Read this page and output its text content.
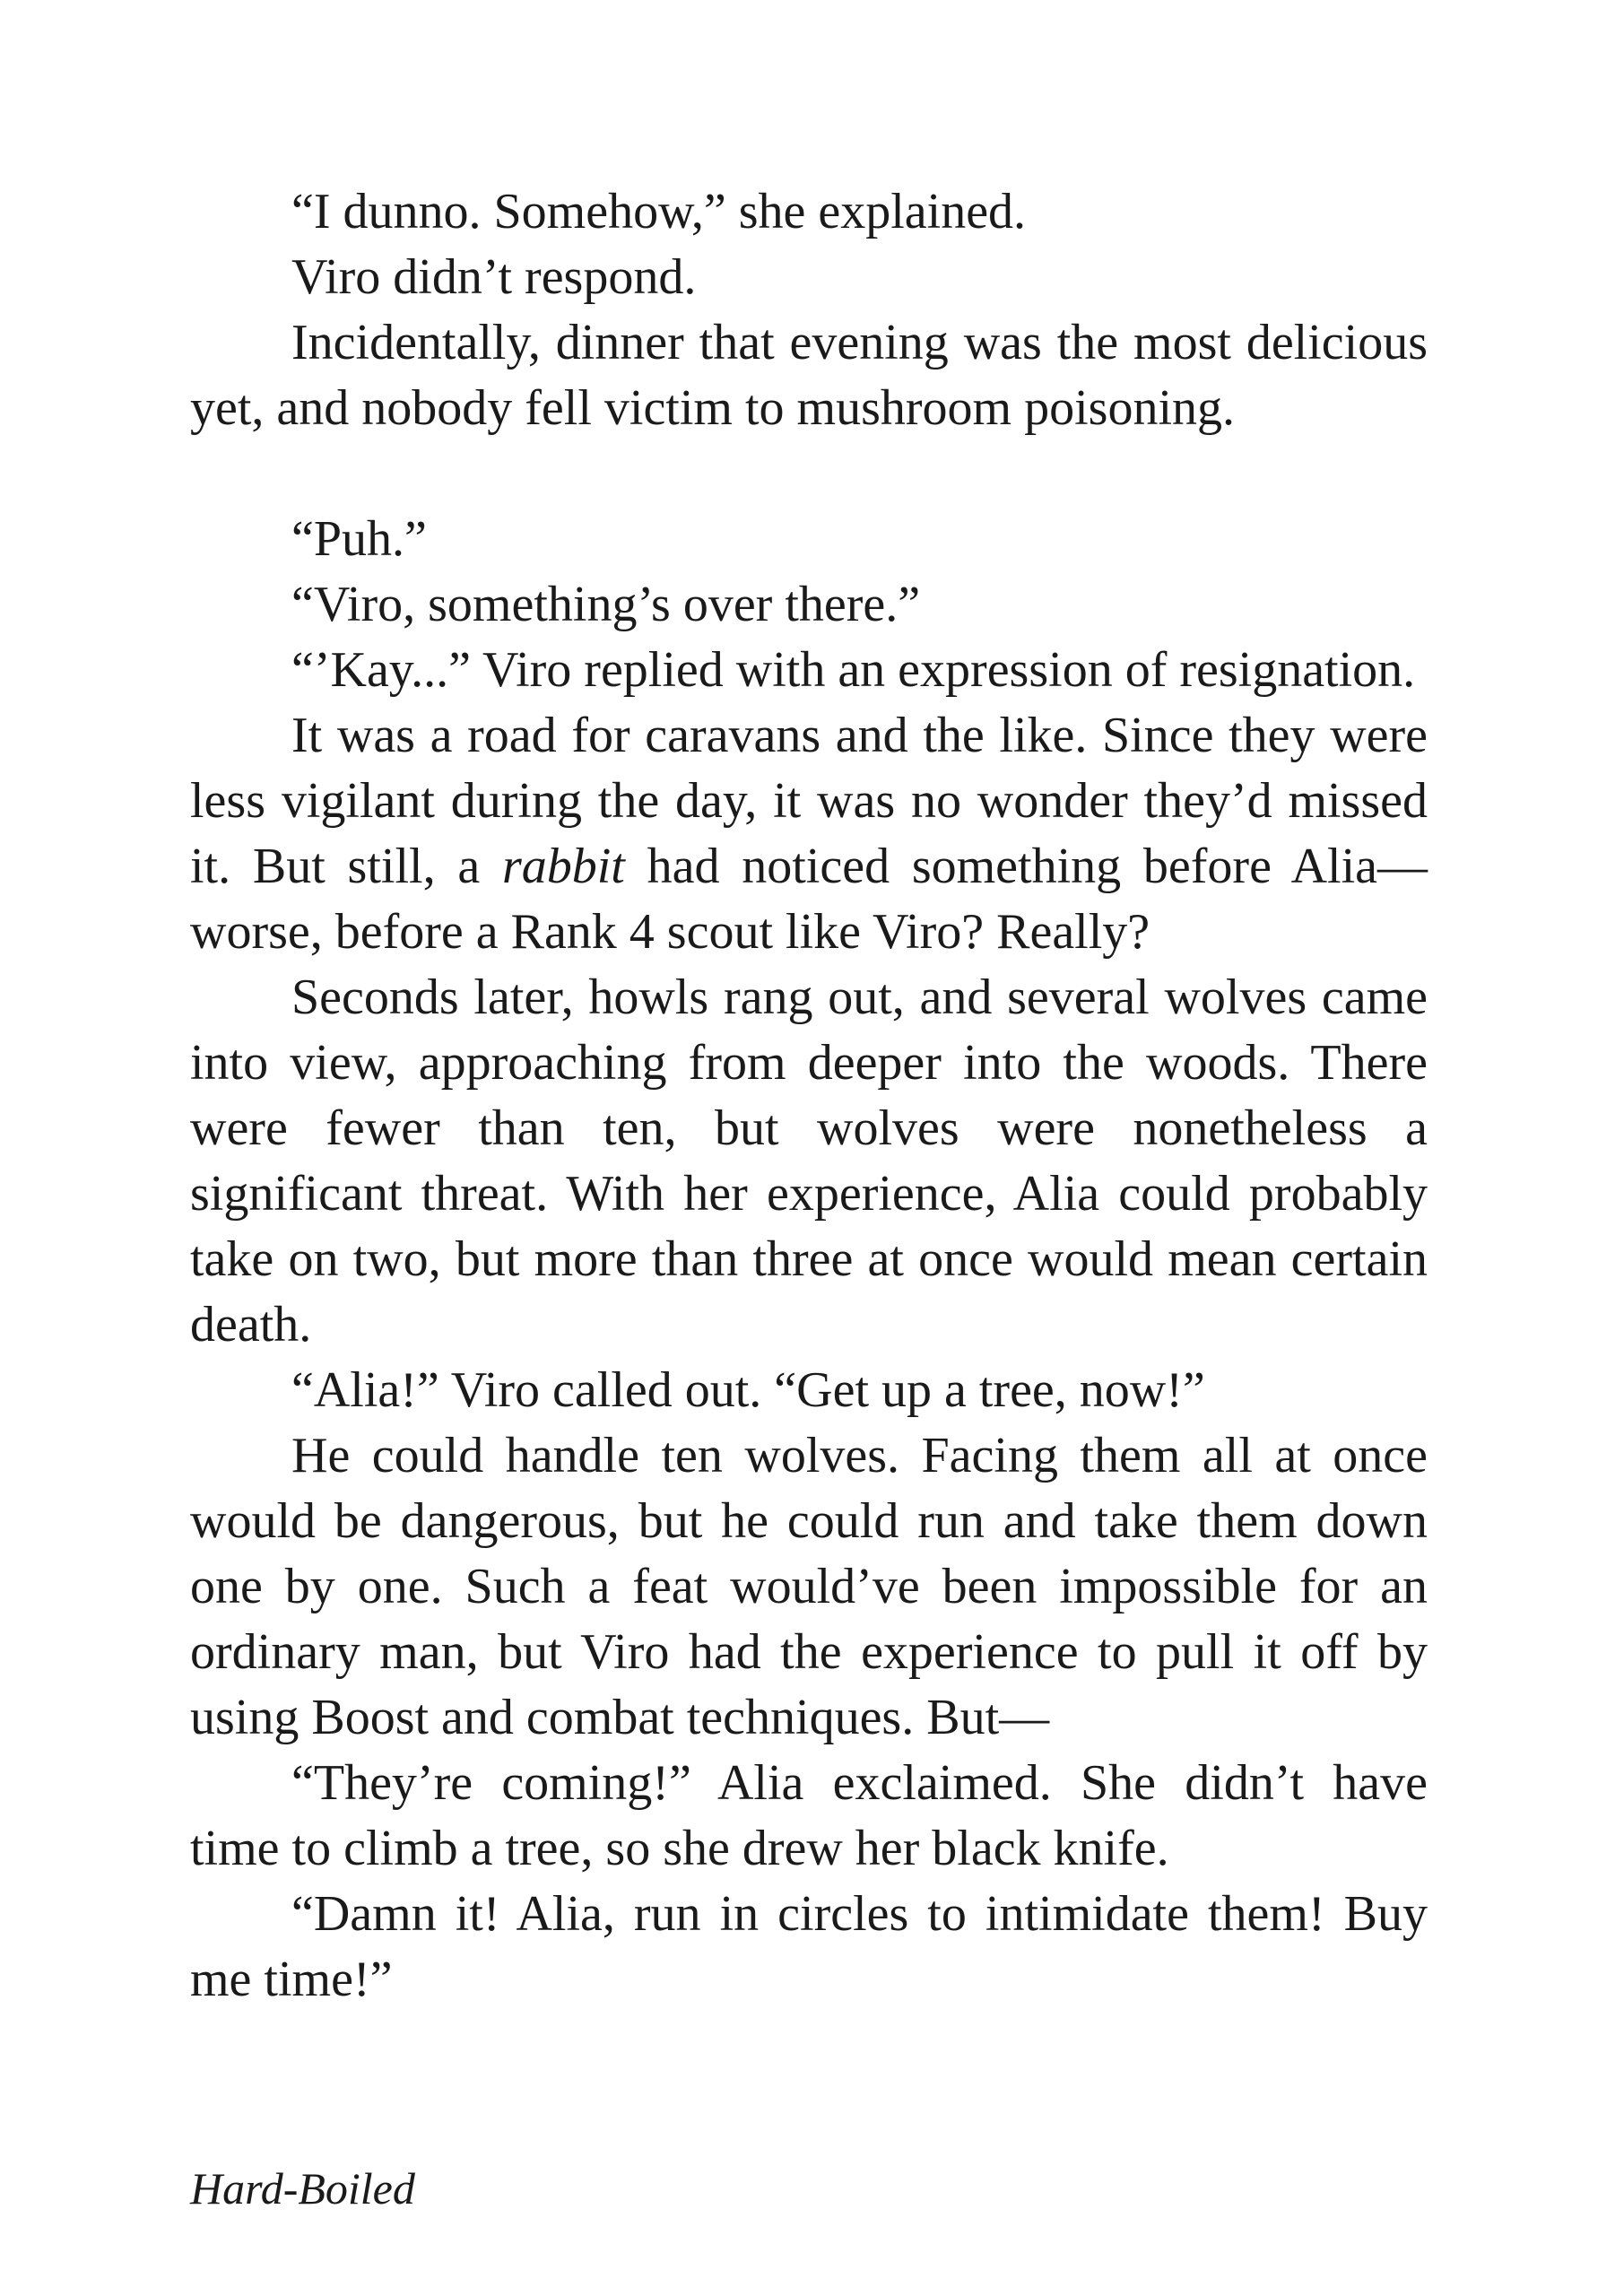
“I dunno. Somehow,” she explained.

Viro didn’t respond.

Incidentally, dinner that evening was the most delicious yet, and nobody fell victim to mushroom poisoning.

“Puh.”

“Viro, something’s over there.”

“’Kay...” Viro replied with an expression of resignation.

It was a road for caravans and the like. Since they were less vigilant during the day, it was no wonder they’d missed it. But still, a rabbit had noticed something before Alia—worse, before a Rank 4 scout like Viro? Really?

Seconds later, howls rang out, and several wolves came into view, approaching from deeper into the woods. There were fewer than ten, but wolves were nonetheless a significant threat. With her experience, Alia could probably take on two, but more than three at once would mean certain death.

“Alia!” Viro called out. “Get up a tree, now!”

He could handle ten wolves. Facing them all at once would be dangerous, but he could run and take them down one by one. Such a feat would’ve been impossible for an ordinary man, but Viro had the experience to pull it off by using Boost and combat techniques. But—

“They’re coming!” Alia exclaimed. She didn’t have time to climb a tree, so she drew her black knife.

“Damn it! Alia, run in circles to intimidate them! Buy me time!”

Hard-Boiled
